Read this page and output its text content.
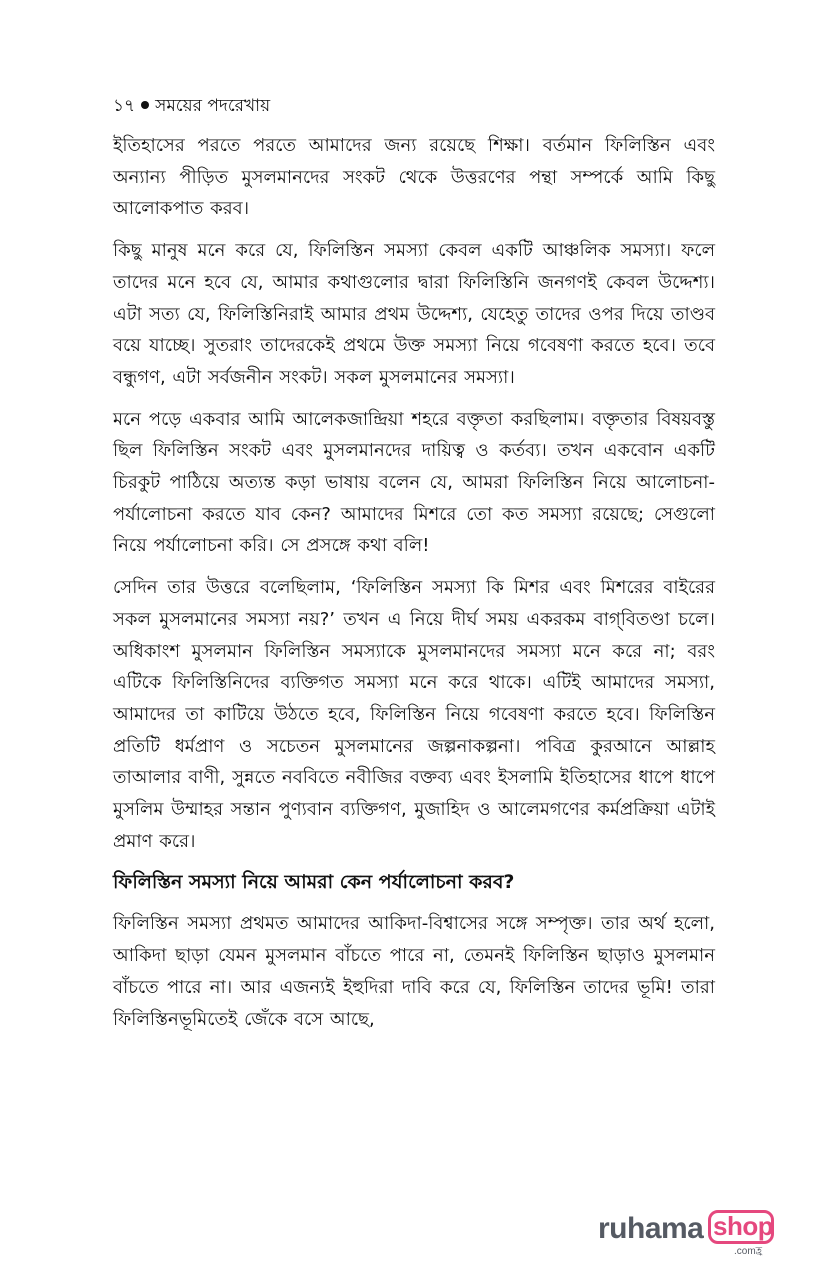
১৭ সময়ের পদরেখায়

ইতিহাসের পরতে পরতে আমাদের জন্য রয়েছে শিক্ষা। বর্তমান ফিলিস্তিন এবং অন্যান্য পীড়িত মুসলমানদের সংকট থেকে উত্তরণের পন্থা সম্পর্কে আমি কিছু আলোকপাত করব।

কিছু মানুষ মনে করে যে, ফিলিস্তিন সমস্যা কেবল একটি আঞ্চলিক সমস্যা। ফলে তাদের মনে হবে যে, আমার কথাগুলোর দ্বারা ফিলিস্তিনি জনগণই কেবল উদ্দেশ্য। এটা সত্য যে, ফিলিস্তিনিরাই আমার প্রথম উদ্দেশ্য, যেহেতু তাদের ওপর দিয়ে তাণ্ডব বয়ে যাচ্ছে। সুতরাং তাদেরকেই প্রথমে উক্ত সমস্যা নিয়ে গবেষণা করতে হবে। তবে বন্ধুগণ, এটা সর্বজনীন সংকট। সকল মুসলমানের সমস্যা।

মনে পড়ে একবার আমি আলেকজান্দ্রিয়া শহরে বক্তৃতা করছিলাম। বক্তৃতার বিষয়বস্তু ছিল ফিলিস্তিন সংকট এবং মুসলমানদের দায়িত্ব ও কর্তব্য। তখন একবোন একটি চিরকুট পাঠিয়ে অত্যন্ত কড়া ভাষায় বলেন যে, আমরা ফিলিস্তিন নিয়ে আলোচনা-পর্যালোচনা করতে যাব কেন? আমাদের মিশরে তো কত সমস্যা রয়েছে; সেগুলো নিয়ে পর্যালোচনা করি। সে প্রসঙ্গে কথা বলি!

সেদিন তার উত্তরে বলেছিলাম, ‘ফিলিস্তিন সমস্যা কি মিশর এবং মিশরের বাইরের সকল মুসলমানের সমস্যা নয়?’ তখন এ নিয়ে দীর্ঘ সময় একরকম বাগ্‌বিতণ্ডা চলে। অধিকাংশ মুসলমান ফিলিস্তিন সমস্যাকে মুসলমানদের সমস্যা মনে করে না; বরং এটিকে ফিলিস্তিনিদের ব্যক্তিগত সমস্যা মনে করে থাকে। এটিই আমাদের সমস্যা, আমাদের তা কাটিয়ে উঠতে হবে, ফিলিস্তিন নিয়ে গবেষণা করতে হবে। ফিলিস্তিন প্রতিটি ধর্মপ্রাণ ও সচেতন মুসলমানের জল্পনাকল্পনা। পবিত্র কুরআনে আল্লাহ তাআলার বাণী, সুন্নতে নববিতে নবীজির বক্তব্য এবং ইসলামি ইতিহাসের ধাপে ধাপে মুসলিম উম্মাহর সন্তান পুণ্যবান ব্যক্তিগণ, মুজাহিদ ও আলেমগণের কর্মপ্রক্রিয়া এটাই প্রমাণ করে।

ফিলিস্তিন সমস্যা নিয়ে আমরা কেন পর্যালোচনা করব?

ফিলিস্তিন সমস্যা প্রথমত আমাদের আকিদা-বিশ্বাসের সঙ্গে সম্পৃক্ত। তার অর্থ হলো, আকিদা ছাড়া যেমন মুসলমান বাঁচতে পারে না, তেমনই ফিলিস্তিন ছাড়াও মুসলমান বাঁচতে পারে না। আর এজন্যই ইহুদিরা দাবি করে যে, ফিলিস্তিন তাদের ভূমি! তারা ফিলিস্তিনভূমিতেই জেঁকে বসে আছে,

ruhama shop
.comহ্ৰ
